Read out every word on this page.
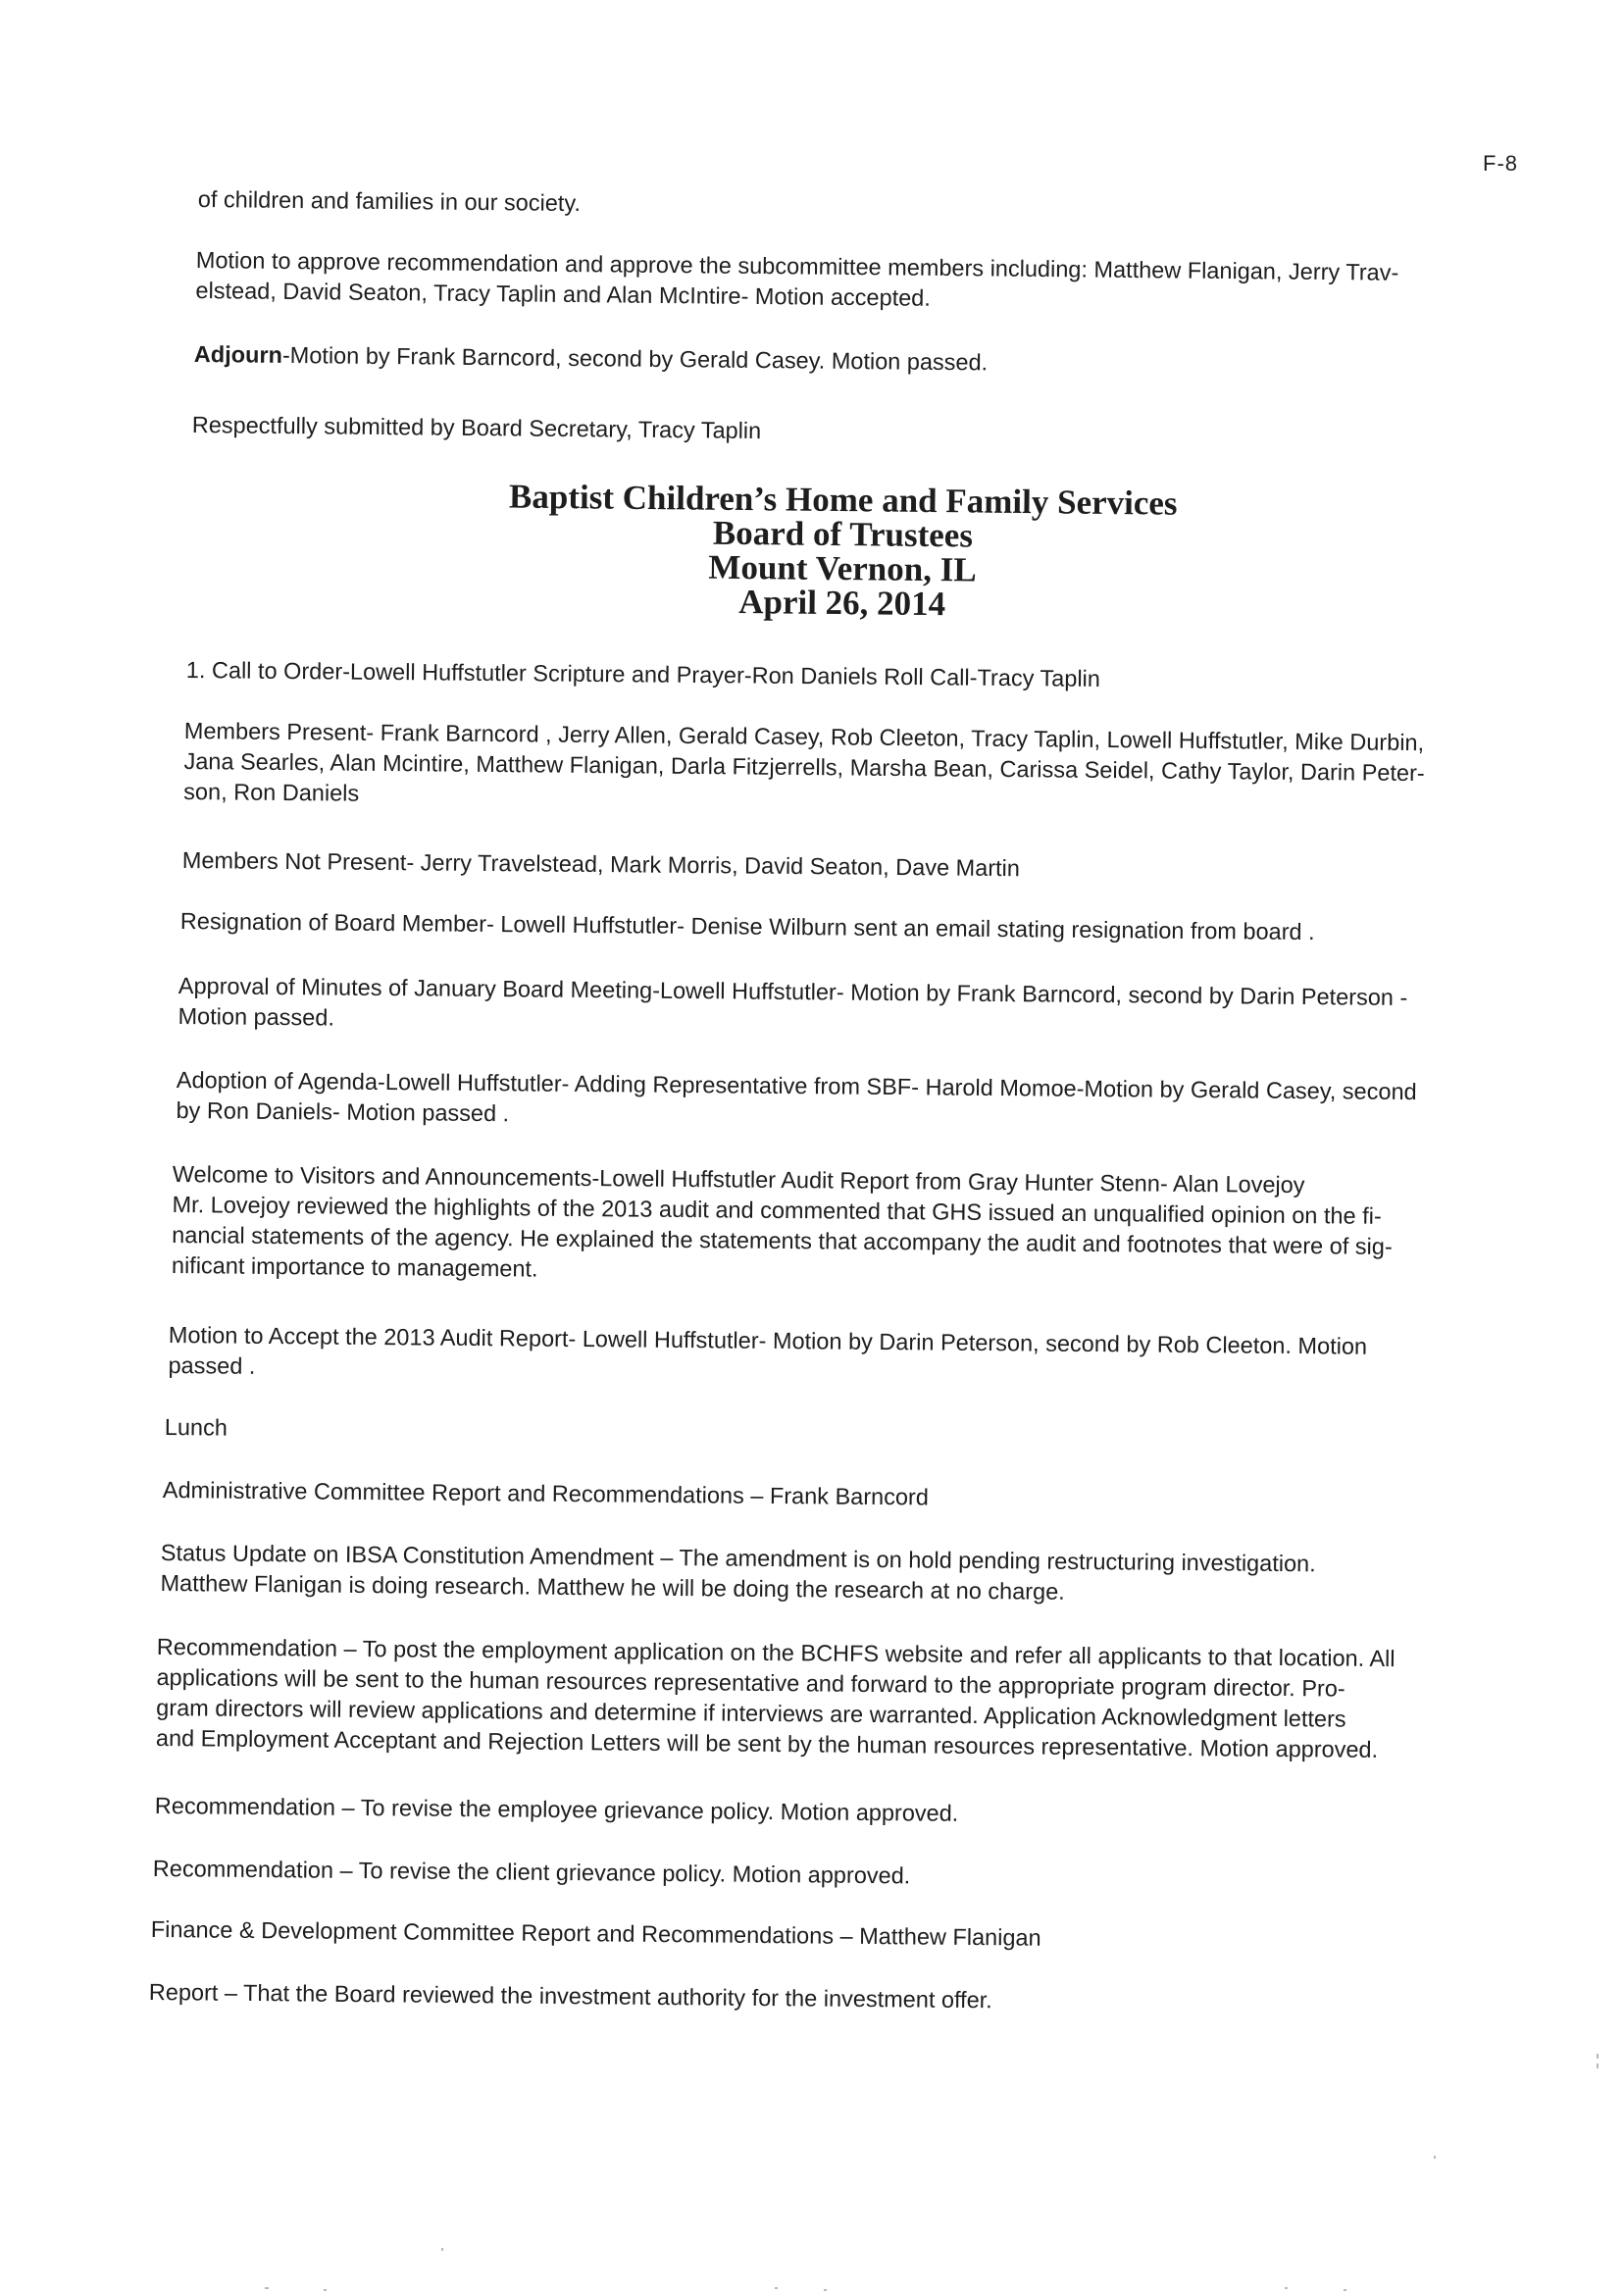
F-8

of children and families in our society.

Motion to approve recommendation and approve the subcommittee members including: Matthew Flanigan, Jerry Trav-
elstead, David Seaton, Tracy Taplin and Alan McIntire- Motion accepted.

Adjourn-Motion by Frank Barncord, second by Gerald Casey. Motion passed.

Respectfully submitted by Board Secretary, Tracy Taplin

Baptist Children’s Home and Family Services
Board of Trustees
Mount Vernon, IL
April 26, 2014

1. Call to Order-Lowell Huffstutler Scripture and Prayer-Ron Daniels Roll Call-Tracy Taplin

Members Present- Frank Barncord , Jerry Allen, Gerald Casey, Rob Cleeton, Tracy Taplin, Lowell Huffstutler, Mike Durbin,
Jana Searles, Alan Mcintire, Matthew Flanigan, Darla Fitzjerrells, Marsha Bean, Carissa Seidel, Cathy Taylor, Darin Peter-
son, Ron Daniels

Members Not Present- Jerry Travelstead, Mark Morris, David Seaton, Dave Martin

Resignation of Board Member- Lowell Huffstutler- Denise Wilburn sent an email stating resignation from board .

Approval of Minutes of January Board Meeting-Lowell Huffstutler- Motion by Frank Barncord, second by Darin Peterson -
Motion passed.

Adoption of Agenda-Lowell Huffstutler- Adding Representative from SBF- Harold Momoe-Motion by Gerald Casey, second
by Ron Daniels- Motion passed .

Welcome to Visitors and Announcements-Lowell Huffstutler Audit Report from Gray Hunter Stenn- Alan Lovejoy
Mr. Lovejoy reviewed the highlights of the 2013 audit and commented that GHS issued an unqualified opinion on the fi-
nancial statements of the agency. He explained the statements that accompany the audit and footnotes that were of sig-
nificant importance to management.

Motion to Accept the 2013 Audit Report- Lowell Huffstutler- Motion by Darin Peterson, second by Rob Cleeton. Motion
passed .

Lunch

Administrative Committee Report and Recommendations – Frank Barncord

Status Update on IBSA Constitution Amendment – The amendment is on hold pending restructuring investigation.
Matthew Flanigan is doing research. Matthew he will be doing the research at no charge.

Recommendation – To post the employment application on the BCHFS website and refer all applicants to that location. All
applications will be sent to the human resources representative and forward to the appropriate program director. Pro-
gram directors will review applications and determine if interviews are warranted. Application Acknowledgment letters
and Employment Acceptant and Rejection Letters will be sent by the human resources representative. Motion approved.

Recommendation – To revise the employee grievance policy. Motion approved.

Recommendation – To revise the client grievance policy. Motion approved.

Finance & Development Committee Report and Recommendations – Matthew Flanigan

Report – That the Board reviewed the investment authority for the investment offer.
